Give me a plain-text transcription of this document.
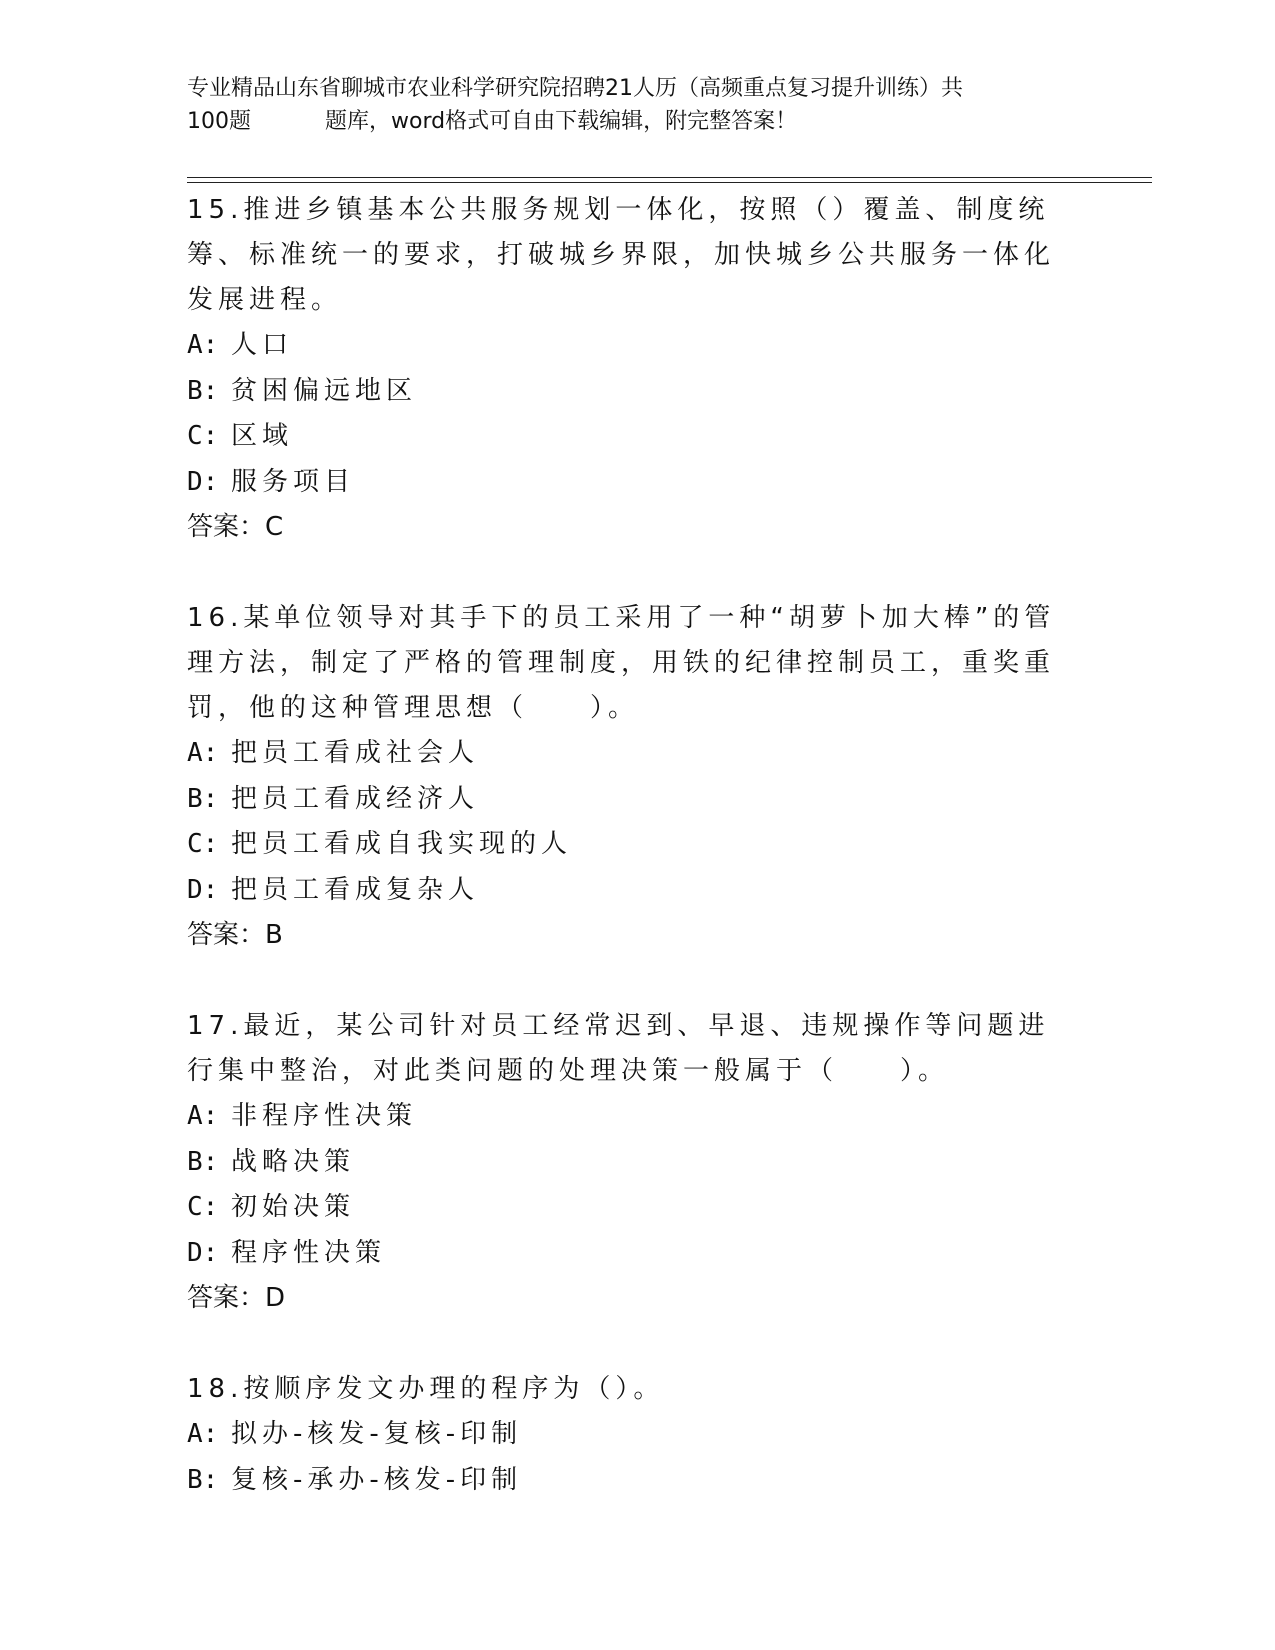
专业精品山东省聊城市农业科学研究院招聘21人历（高频重点复习提升训练）共
100题	题库，word格式可自由下载编辑，附完整答案！
15.推进乡镇基本公共服务规划一体化，按照（）覆盖、制度统筹、标准统一的要求，打破城乡界限，加快城乡公共服务一体化发展进程。
A: 人口
B: 贫困偏远地区
C: 区域
D: 服务项目
答案：C
16.某单位领导对其手下的员工采用了一种“胡萝卜加大棒”的管理方法，制定了严格的管理制度，用铁的纪律控制员工，重奖重罚，他的这种管理思想（　　）。
A: 把员工看成社会人
B: 把员工看成经济人
C: 把员工看成自我实现的人
D: 把员工看成复杂人
答案：B
17.最近，某公司针对员工经常迟到、早退、违规操作等问题进行集中整治，对此类问题的处理决策一般属于（　　）。
A: 非程序性决策
B: 战略决策
C: 初始决策
D: 程序性决策
答案：D
18.按顺序发文办理的程序为（）。
A: 拟办-核发-复核-印制
B: 复核-承办-核发-印制
